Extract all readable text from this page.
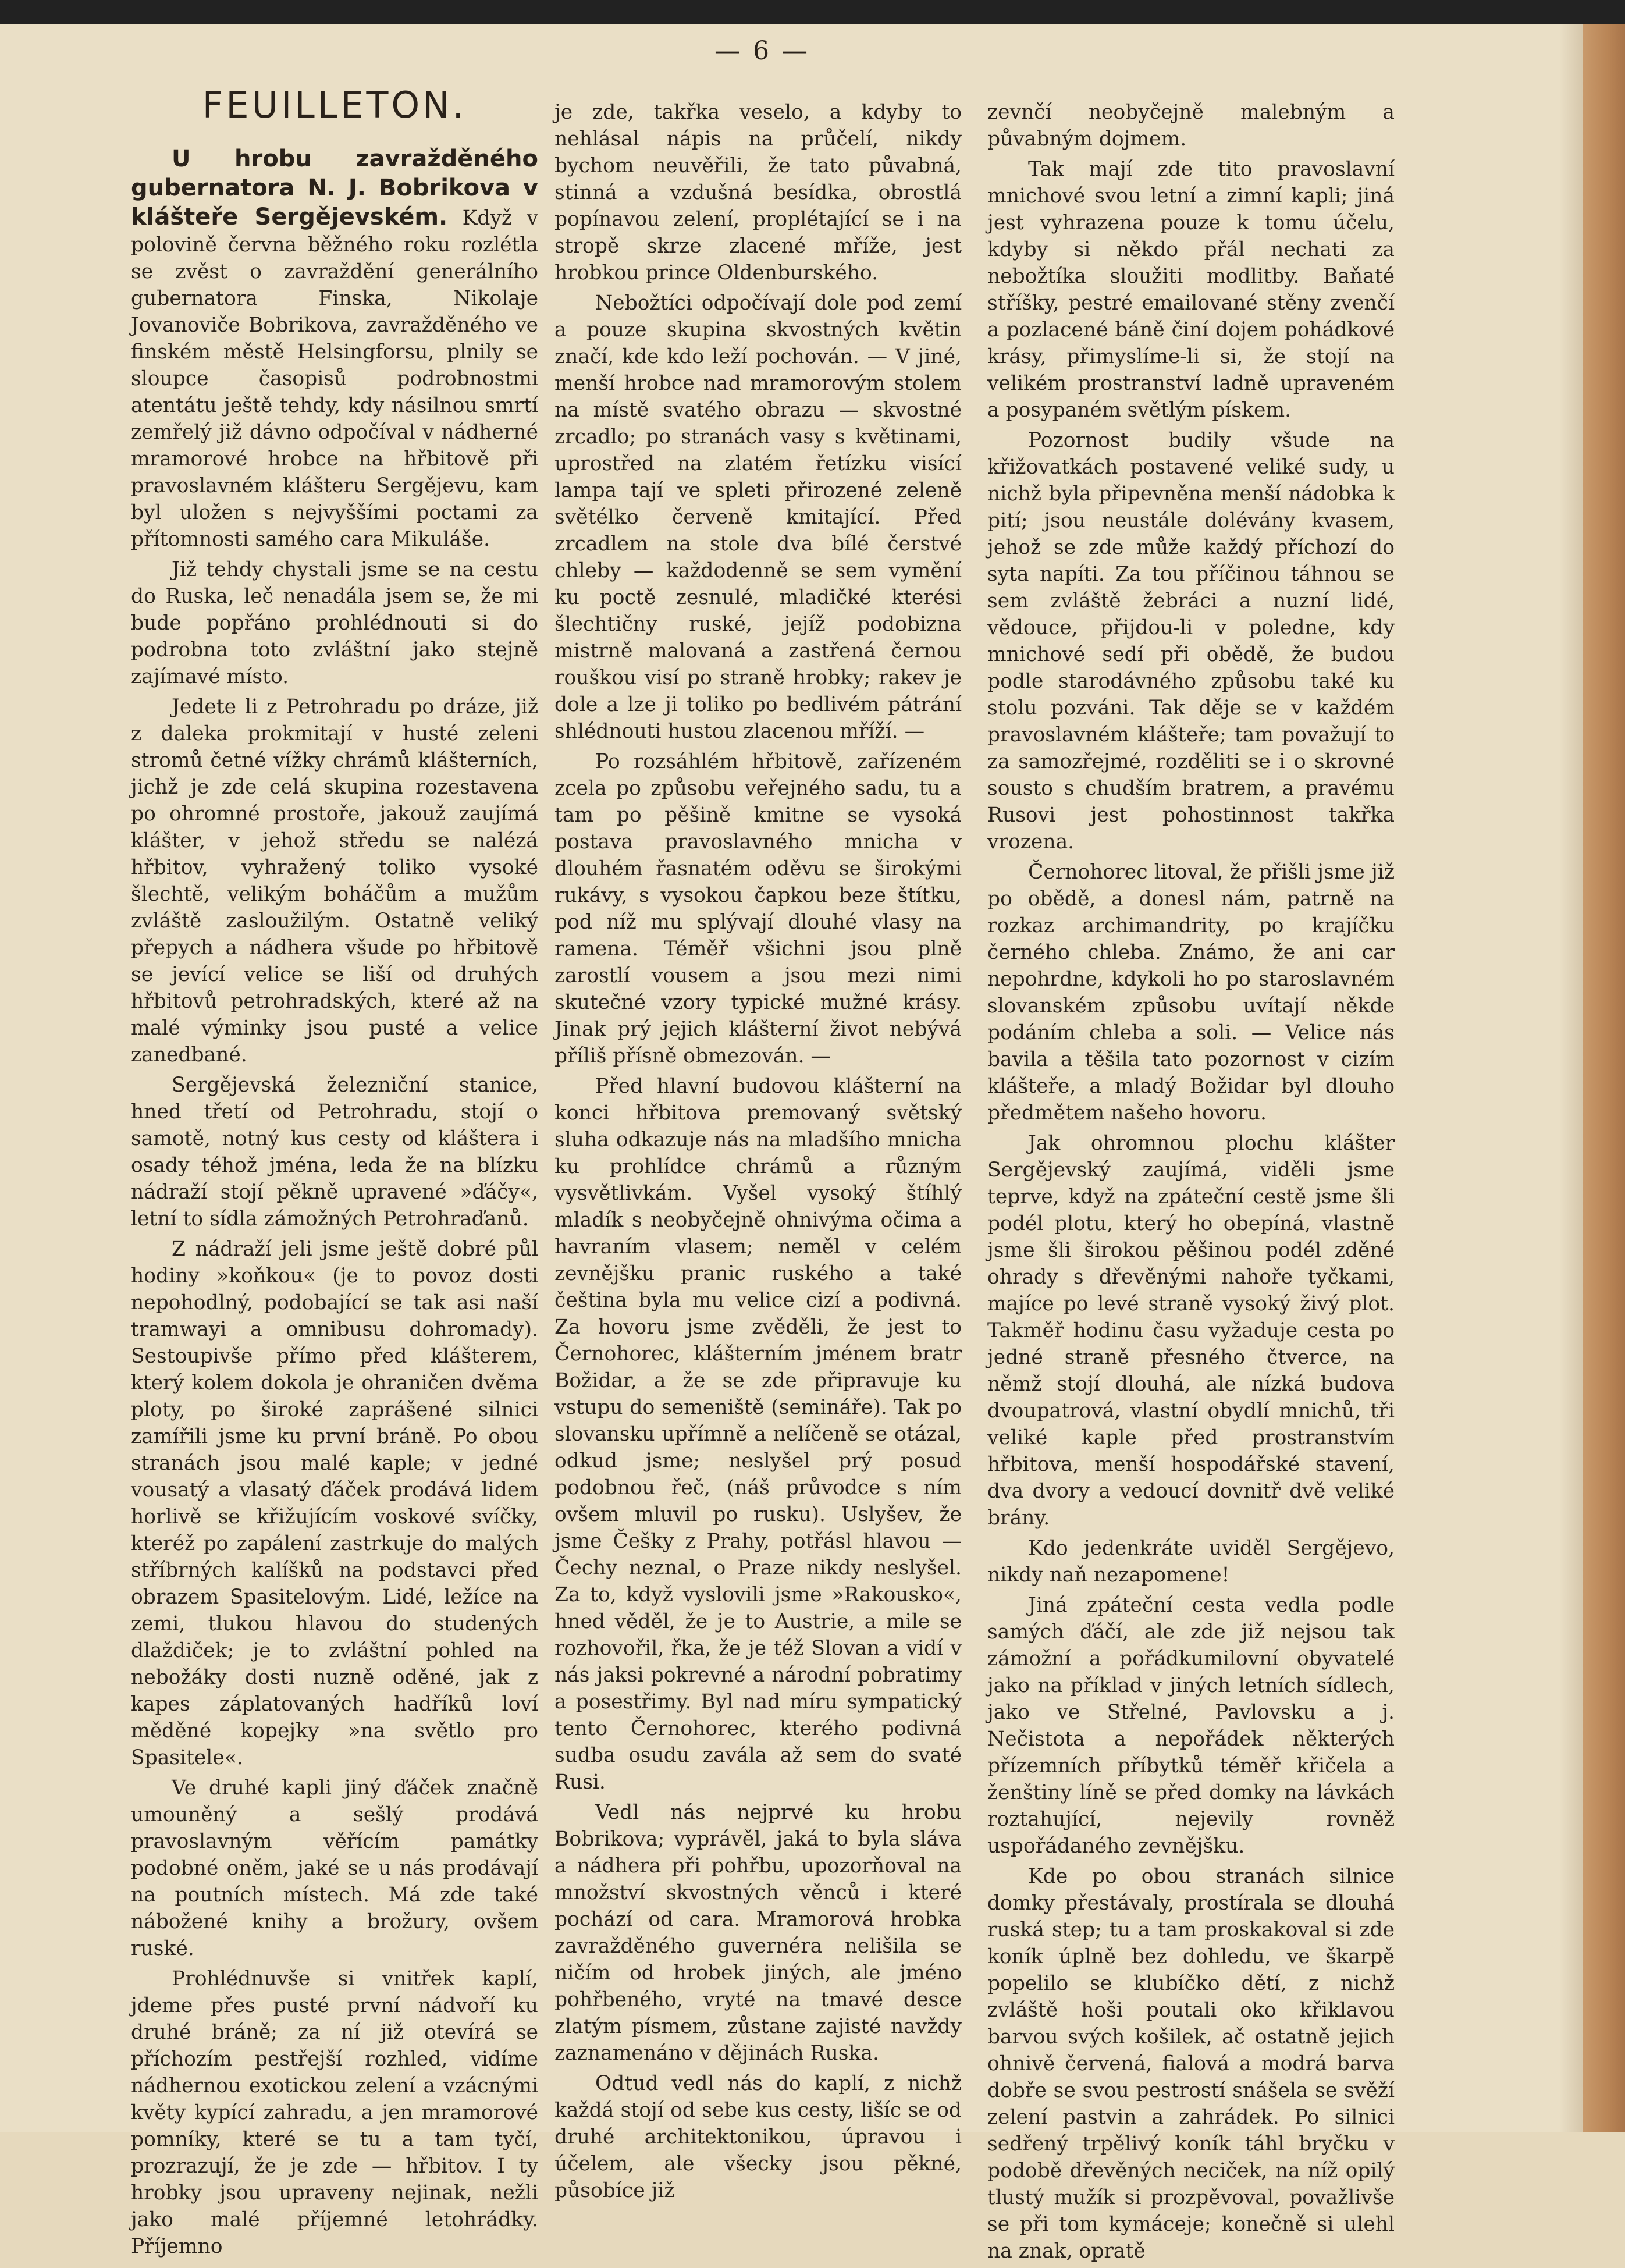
— 6 —
FEUILLETON.

U hrobu zavražděného gubernatora N. J. Bobrikova v klášteře Sergějevském. Když v polovině června běžného roku rozlétla se zvěst o zavraždění generálního gubernatora Finska, Nikolaje Jovanoviče Bobrikova, zavražděného ve finském městě Helsingforsu, plnily se sloupce časopisů podrobnostmi atentátu ještě tehdy, kdy násilnou smrtí zemřelý již dávno odpočíval v nádherné mramorové hrobce na hřbitově při pravoslavném klášteru Sergějevu, kam byl uložen s nejvyššími poctami za přítomnosti samého cara Mikuláše.

Již tehdy chystali jsme se na cestu do Ruska, leč nenadála jsem se, že mi bude popřáno prohlédnouti si do podrobna toto zvláštní jako stejně zajímavé místo.

Jedete li z Petrohradu po dráze, již z daleka prokmitají v husté zeleni stromů četné vížky chrámů klášterních, jichž je zde celá skupina rozestavena po ohromné prostoře, jakouž zaujímá klášter, v jehož středu se nalézá hřbitov, vyhražený toliko vysoké šlechtě, velikým boháčům a mužům zvláště zasloužilým. Ostatně veliký přepych a nádhera všude po hřbitově se jevící velice se liší od druhých hřbitovů petrohradských, které až na malé výminky jsou pusté a velice zanedbané.

Sergějevská železniční stanice, hned třetí od Petrohradu, stojí o samotě, notný kus cesty od kláštera i osady téhož jména, leda že na blízku nádraží stojí pěkně upravené »ďáčy«, letní to sídla zámožných Petrohraďanů.

Z nádraží jeli jsme ještě dobré půl hodiny »koňkou« (je to povoz dosti nepohodlný, podobající se tak asi naší tramwayi a omnibusu dohromady). Sestoupivše přímo před klášterem, který kolem dokola je ohraničen dvěma ploty, po široké zaprášené silnici zamířili jsme ku první bráně. Po obou stranách jsou malé kaple; v jedné vousatý a vlasatý ďáček prodává lidem horlivě se křižujícím voskové svíčky, kteréž po zapálení zastrkuje do malých stříbrných kalíšků na podstavci před obrazem Spasitelovým. Lidé, ležíce na zemi, tlukou hlavou do studených dlaždiček; je to zvláštní pohled na nebožáky dosti nuzně oděné, jak z kapes záplatovaných hadříků loví měděné kopejky »na světlo pro Spasitele«.

Ve druhé kapli jiný ďáček značně umouněný a sešlý prodává pravoslavným věřícím památky podobné oněm, jaké se u nás prodávají na poutních místech. Má zde také nábožené knihy a brožury, ovšem ruské.

Prohlédnuvše si vnitřek kaplí, jdeme přes pusté první nádvoří ku druhé bráně; za ní již otevírá se příchozím pestřejší rozhled, vidíme nádhernou exotickou zelení a vzácnými květy kypící zahradu, a jen mramorové pomníky, které se tu a tam tyčí, prozrazují, že je zde — hřbitov. I ty hrobky jsou upraveny nejinak, nežli jako malé příjemné letohrádky. Příjemno

je zde, takřka veselo, a kdyby to nehlásal nápis na průčelí, nikdy bychom neuvěřili, že tato půvabná, stinná a vzdušná besídka, obrostlá popínavou zelení, proplétající se i na stropě skrze zlacené mříže, jest hrobkou prince Oldenburského.

Nebožtíci odpočívají dole pod zemí a pouze skupina skvostných květin značí, kde kdo leží pochován. — V jiné, menší hrobce nad mramorovým stolem na místě svatého obrazu — skvostné zrcadlo; po stranách vasy s květinami, uprostřed na zlatém řetízku visící lampa tají ve spleti přirozené zeleně světélko červeně kmitající. Před zrcadlem na stole dva bílé čerstvé chleby — každodenně se sem vymění ku poctě zesnulé, mladičké kterési šlechtičny ruské, jejíž podobizna mistrně malovaná a zastřená černou rouškou visí po straně hrobky; rakev je dole a lze ji toliko po bedlivém pátrání shlédnouti hustou zlacenou mříží. —

Po rozsáhlém hřbitově, zařízeném zcela po způsobu veřejného sadu, tu a tam po pěšině kmitne se vysoká postava pravoslavného mnicha v dlouhém řasnatém oděvu se širokými rukávy, s vysokou čapkou beze štítku, pod níž mu splývají dlouhé vlasy na ramena. Téměř všichni jsou plně zarostlí vousem a jsou mezi nimi skutečné vzory typické mužné krásy. Jinak prý jejich klášterní život nebývá příliš přísně obmezován. —

Před hlavní budovou klášterní na konci hřbitova premovaný světský sluha odkazuje nás na mladšího mnicha ku prohlídce chrámů a různým vysvětlivkám. Vyšel vysoký štíhlý mladík s neobyčejně ohnivýma očima a havraním vlasem; neměl v celém zevnějšku pranic ruského a také čeština byla mu velice cizí a podivná. Za hovoru jsme zvěděli, že jest to Černohorec, klášterním jménem bratr Božidar, a že se zde připravuje ku vstupu do semeniště (semináře). Tak po slovansku upřímně a nelíčeně se otázal, odkud jsme; neslyšel prý posud podobnou řeč, (náš průvodce s ním ovšem mluvil po rusku). Uslyšev, že jsme Češky z Prahy, potřásl hlavou — Čechy neznal, o Praze nikdy neslyšel. Za to, když vyslovili jsme »Rakousko«, hned věděl, že je to Austrie, a mile se rozhovořil, řka, že je též Slovan a vidí v nás jaksi pokrevné a národní pobratimy a posestřimy. Byl nad míru sympatický tento Černohorec, kterého podivná sudba osudu zavála až sem do svaté Rusi.

Vedl nás nejprvé ku hrobu Bobrikova; vyprávěl, jaká to byla sláva a nádhera při pohřbu, upozorňoval na množství skvostných věnců i které pochází od cara. Mramorová hrobka zavražděného guvernéra nelišila se ničím od hrobek jiných, ale jméno pohřbeného, vryté na tmavé desce zlatým písmem, zůstane zajisté navždy zaznamenáno v dějinách Ruska.

Odtud vedl nás do kaplí, z nichž každá stojí od sebe kus cesty, lišíc se od druhé architektonikou, úpravou i účelem, ale všecky jsou pěkné, působíce již

zevnčí neobyčejně malebným a půvabným dojmem.

Tak mají zde tito pravoslavní mnichové svou letní a zimní kapli; jiná jest vyhrazena pouze k tomu účelu, kdyby si někdo přál nechati za nebožtíka sloužiti modlitby. Baňaté stříšky, pestré emailované stěny zvenčí a pozlacené báně činí dojem pohádkové krásy, přimyslíme-li si, že stojí na velikém prostranství ladně upraveném a posypaném světlým pískem.

Pozornost budily všude na křižovatkách postavené veliké sudy, u nichž byla připevněna menší nádobka k pití; jsou neustále dolévány kvasem, jehož se zde může každý příchozí do syta napíti. Za tou příčinou táhnou se sem zvláště žebráci a nuzní lidé, vědouce, přijdou-li v poledne, kdy mnichové sedí při obědě, že budou podle starodávného způsobu také ku stolu pozváni. Tak děje se v každém pravoslavném klášteře; tam považují to za samozřejmé, rozděliti se i o skrovné sousto s chudším bratrem, a pravému Rusovi jest pohostinnost takřka vrozena.

Černohorec litoval, že přišli jsme již po obědě, a donesl nám, patrně na rozkaz archimandrity, po krajíčku černého chleba. Známo, že ani car nepohrdne, kdykoli ho po staroslavném slovanském způsobu uvítají někde podáním chleba a soli. — Velice nás bavila a těšila tato pozornost v cizím klášteře, a mladý Božidar byl dlouho předmětem našeho hovoru.

Jak ohromnou plochu klášter Sergějevský zaujímá, viděli jsme teprve, když na zpáteční cestě jsme šli podél plotu, který ho obepíná, vlastně jsme šli širokou pěšinou podél zděné ohrady s dřevěnými nahoře tyčkami, majíce po levé straně vysoký živý plot. Takměř hodinu času vyžaduje cesta po jedné straně přesného čtverce, na němž stojí dlouhá, ale nízká budova dvoupatrová, vlastní obydlí mnichů, tři veliké kaple před prostranstvím hřbitova, menší hospodářské stavení, dva dvory a vedoucí dovnitř dvě veliké brány.

Kdo jedenkráte uviděl Sergějevo, nikdy naň nezapomene!

Jiná zpáteční cesta vedla podle samých ďáčí, ale zde již nejsou tak zámožní a pořádkumilovní obyvatelé jako na příklad v jiných letních sídlech, jako ve Střelné, Pavlovsku a j. Nečistota a nepořádek některých přízemních příbytků téměř křičela a ženštiny líně se před domky na lávkách roztahující, nejevily rovněž uspořádaného zevnějšku.

Kde po obou stranách silnice domky přestávaly, prostírala se dlouhá ruská step; tu a tam proskakoval si zde koník úplně bez dohledu, ve škarpě popelilo se klubíčko dětí, z nichž zvláště hoši poutali oko křiklavou barvou svých košilek, ač ostatně jejich ohnivě červená, fialová a modrá barva dobře se svou pestrostí snášela se svěží zelení pastvin a zahrádek. Po silnici sedřený trpělivý koník táhl bryčku v podobě dřevěných neciček, na níž opilý tlustý mužík si prozpěvoval, považlivše se při tom kymáceje; konečně si ulehl na znak, opratě
